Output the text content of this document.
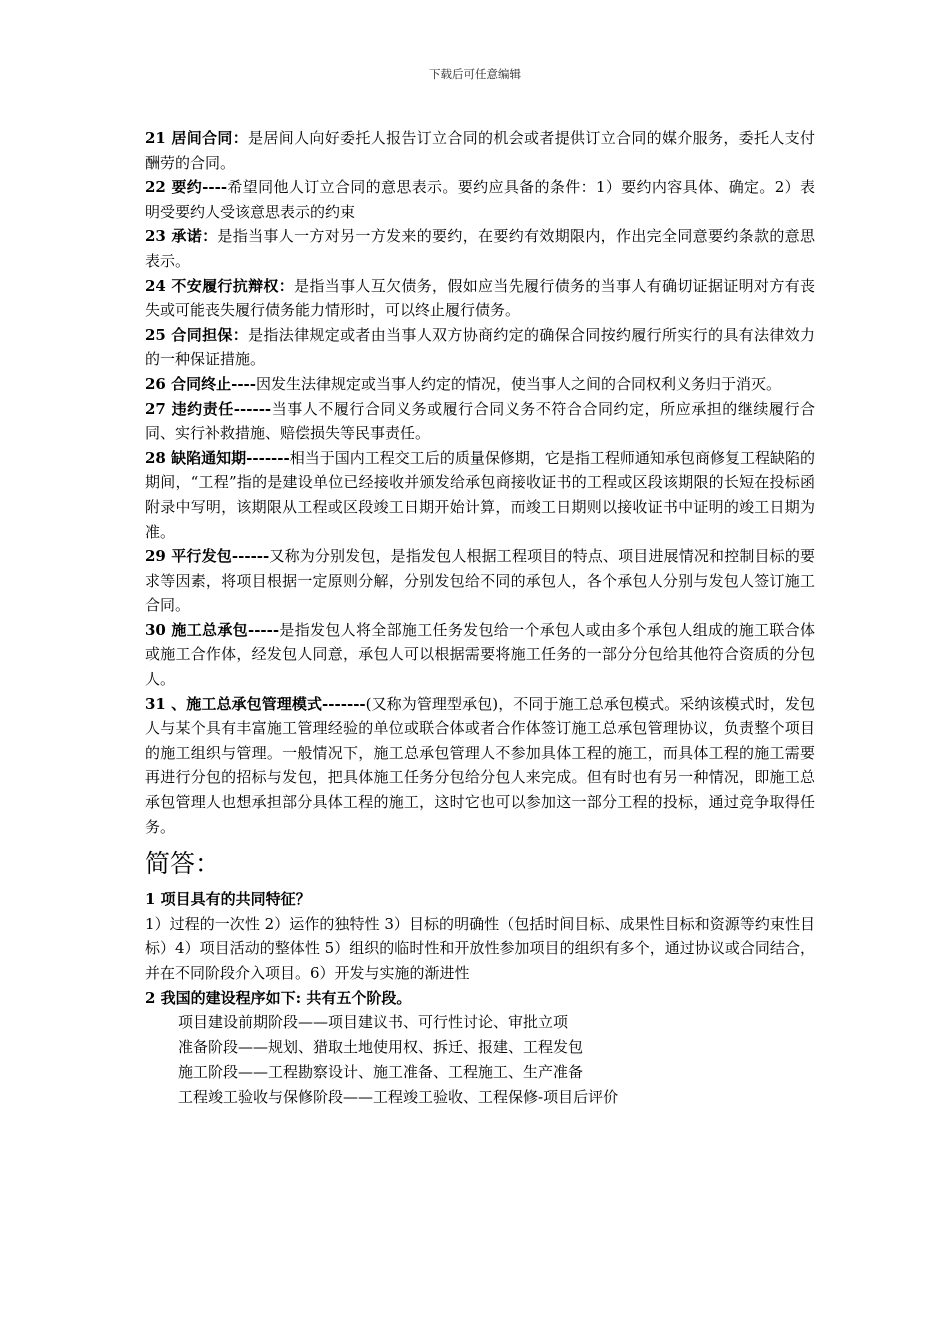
下载后可任意编辑

21 居间合同：是居间人向好委托人报告订立合同的机会或者提供订立合同的媒介服务，委托人支付酬劳的合同。

22 要约----希望同他人订立合同的意思表示。要约应具备的条件：1）要约内容具体、确定。2）表明受要约人受该意思表示的约束

23 承诺：是指当事人一方对另一方发来的要约，在要约有效期限内，作出完全同意要约条款的意思表示。

24 不安履行抗辩权：是指当事人互欠债务，假如应当先履行债务的当事人有确切证据证明对方有丧失或可能丧失履行债务能力情形时，可以终止履行债务。

25 合同担保：是指法律规定或者由当事人双方协商约定的确保合同按约履行所实行的具有法律效力的一种保证措施。

26 合同终止----因发生法律规定或当事人约定的情况，使当事人之间的合同权利义务归于消灭。

27 违约责任------当事人不履行合同义务或履行合同义务不符合合同约定，所应承担的继续履行合同、实行补救措施、赔偿损失等民事责任。

28 缺陷通知期-------相当于国内工程交工后的质量保修期，它是指工程师通知承包商修复工程缺陷的期间，“工程”指的是建设单位已经接收并颁发给承包商接收证书的工程或区段该期限的长短在投标函附录中写明，该期限从工程或区段竣工日期开始计算，而竣工日期则以接收证书中证明的竣工日期为准。

29 平行发包------又称为分别发包，是指发包人根据工程项目的特点、项目进展情况和控制目标的要求等因素，将项目根据一定原则分解，分别发包给不同的承包人，各个承包人分别与发包人签订施工合同。

30 施工总承包-----是指发包人将全部施工任务发包给一个承包人或由多个承包人组成的施工联合体或施工合作体，经发包人同意，承包人可以根据需要将施工任务的一部分分包给其他符合资质的分包人。

31 、施工总承包管理模式-------(又称为管理型承包)，不同于施工总承包模式。采纳该模式时，发包人与某个具有丰富施工管理经验的单位或联合体或者合作体签订施工总承包管理协议，负责整个项目的施工组织与管理。一般情况下，施工总承包管理人不参加具体工程的施工，而具体工程的施工需要再进行分包的招标与发包，把具体施工任务分包给分包人来完成。但有时也有另一种情况，即施工总承包管理人也想承担部分具体工程的施工，这时它也可以参加这一部分工程的投标，通过竞争取得任务。

简答：

1 项目具有的共同特征？

1）过程的一次性 2）运作的独特性 3）目标的明确性（包括时间目标、成果性目标和资源等约束性目标）4）项目活动的整体性 5）组织的临时性和开放性参加项目的组织有多个，通过协议或合同结合，并在不同阶段介入项目。6）开发与实施的渐进性

2 我国的建设程序如下: 共有五个阶段。

项目建设前期阶段——项目建议书、可行性讨论、审批立项

准备阶段——规划、猎取土地使用权、拆迁、报建、工程发包

施工阶段——工程勘察设计、施工准备、工程施工、生产准备

工程竣工验收与保修阶段——工程竣工验收、工程保修-项目后评价
